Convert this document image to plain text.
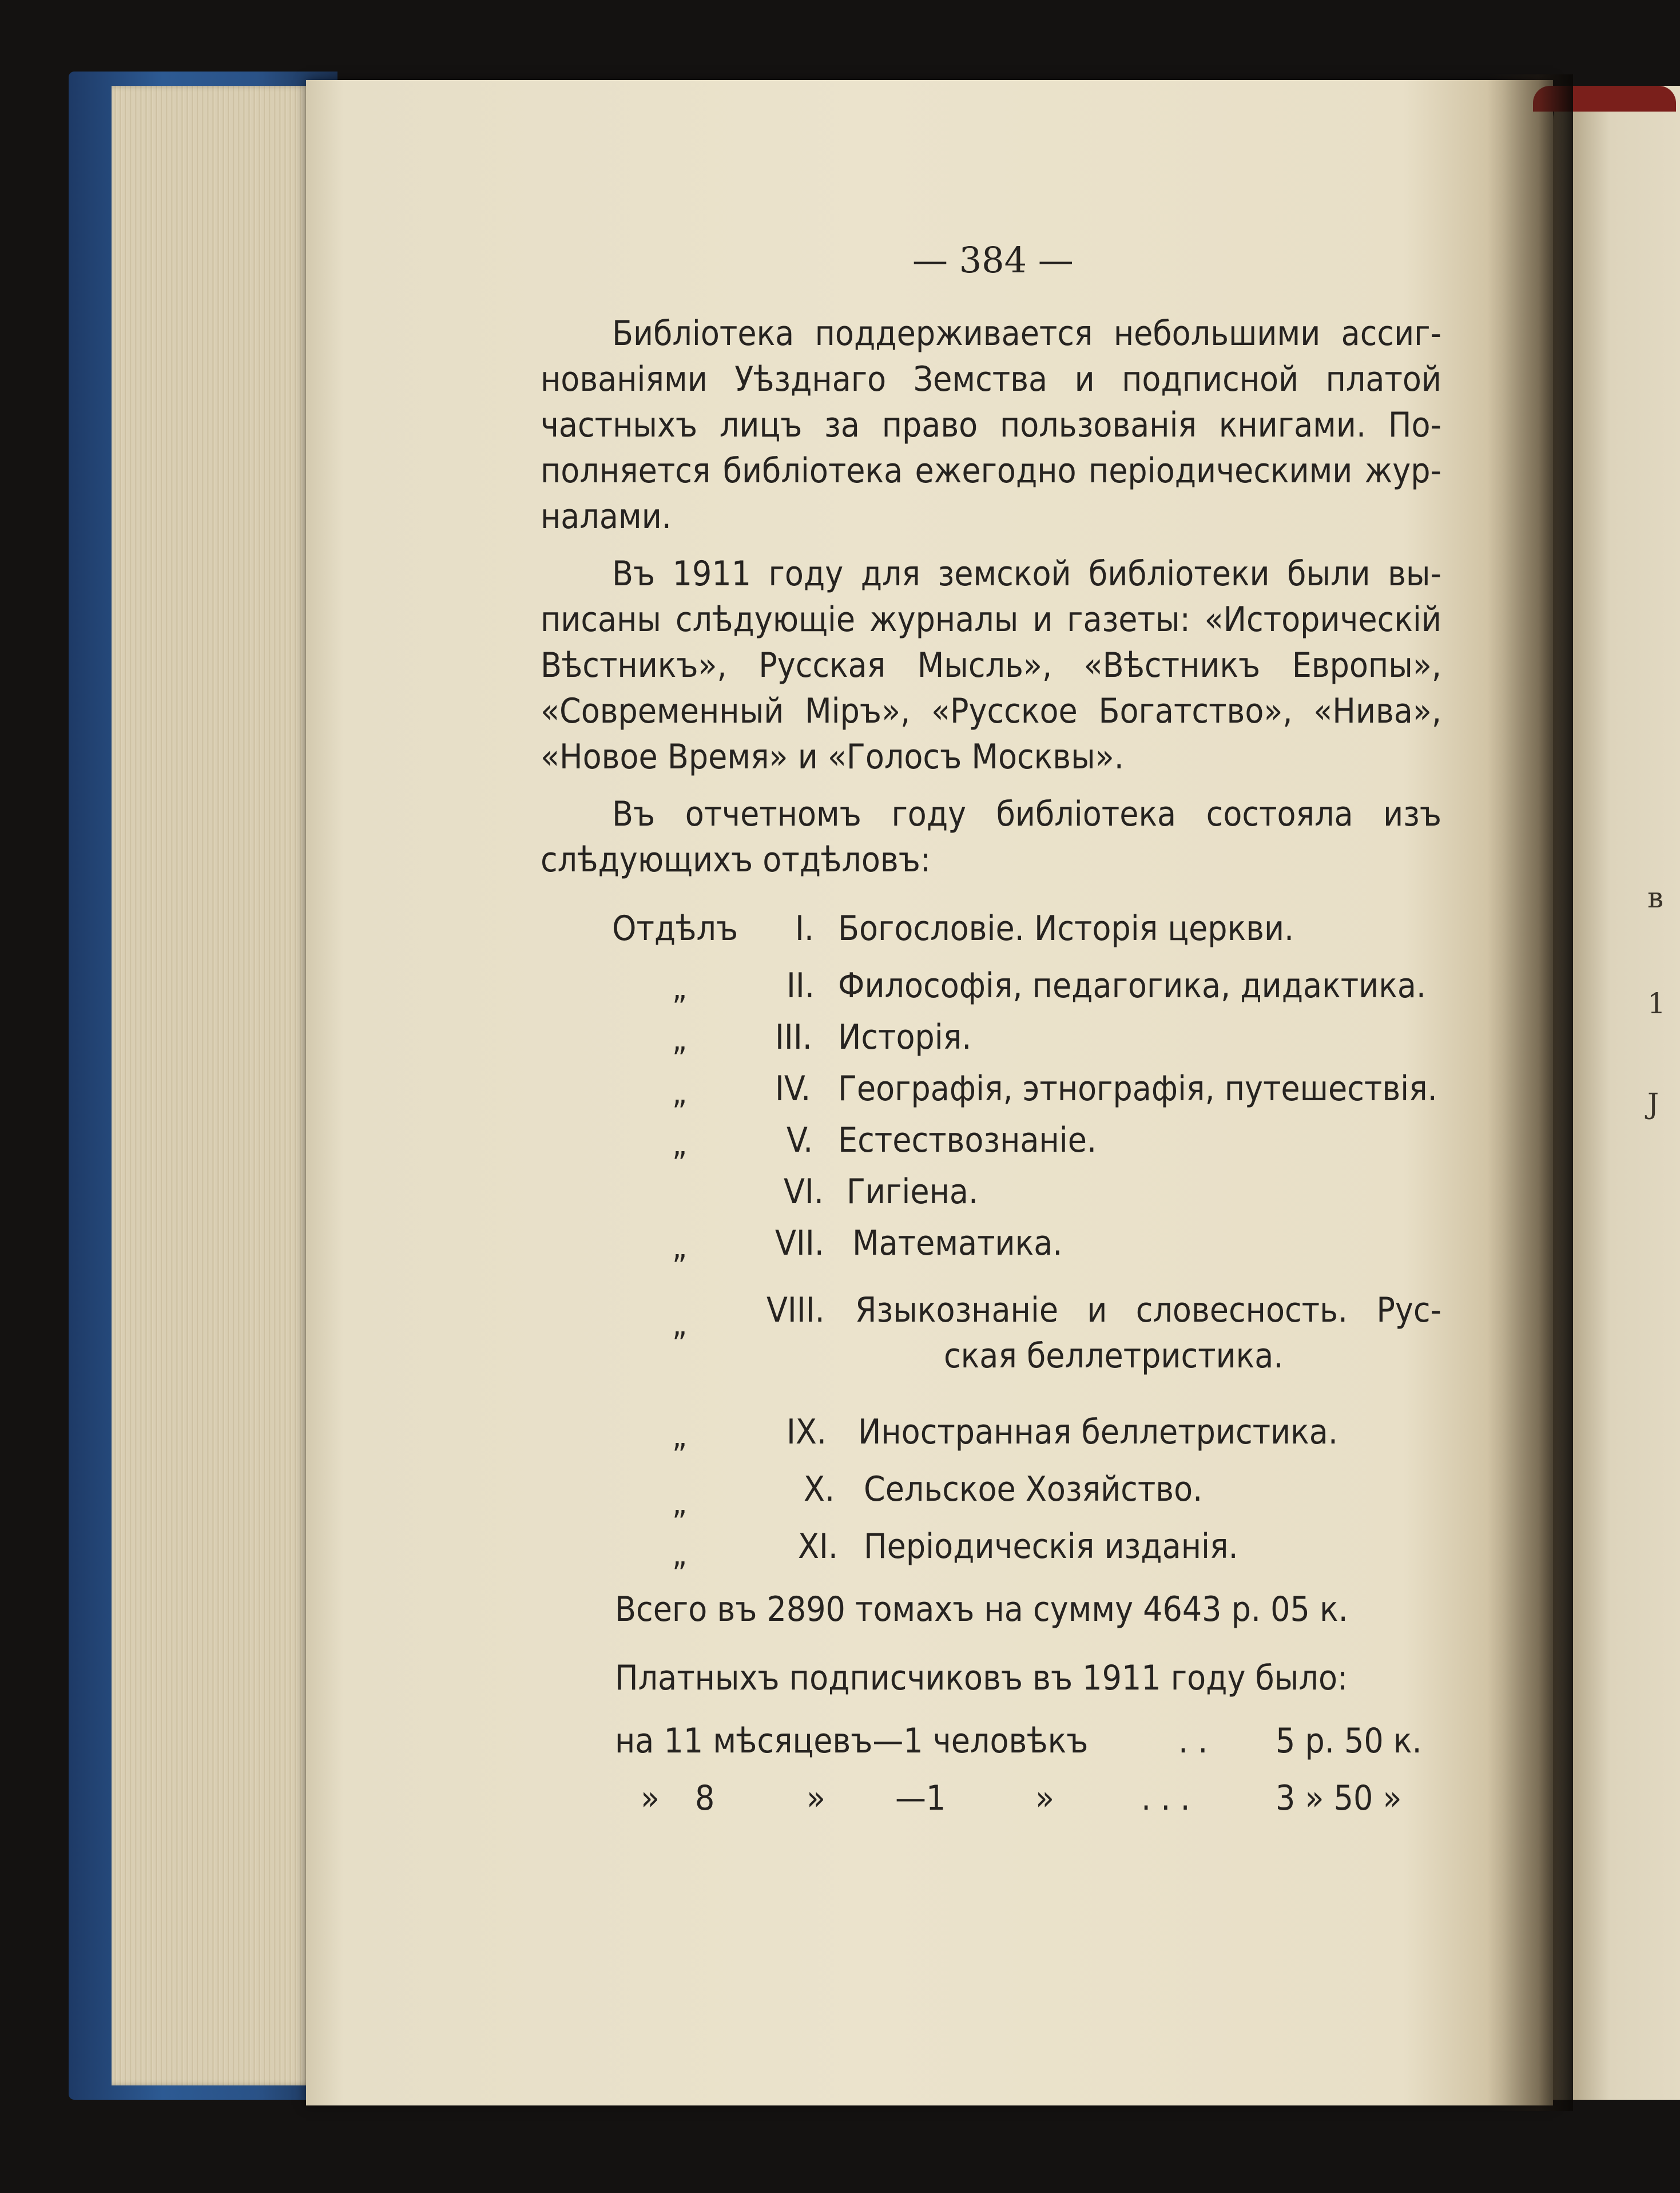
в
1
J
— 384 —
Библіотека поддерживается небольшими ассиг-
нованіями Уѣзднаго Земства и подписной платой
частныхъ лицъ за право пользованія книгами. По-
полняется библіотека ежегодно періодическими жур-
налами.
Въ 1911 году для земской библіотеки были вы-
писаны слѣдующіе журналы и газеты: «Историческій
Вѣстникъ», Русская Мысль», «Вѣстникъ Европы»,
«Современный Міръ», «Русское Богатство», «Нива»,
«Новое Время» и «Голосъ Москвы».
Въ отчетномъ году библіотека состояла изъ
слѣдующихъ отдѣловъ:
Отдѣлъ I. Богословіе. Исторія церкви.
„	II. Философія, педагогика, дидактика.
„	III. Исторія.
„	IV. Географія, этнографія, путешествія.
„	V. Естествознаніе.
VI. Гигіена.
„	VII. Математика.
„ VIII. Языкознаніе и словесность. Рус-
ская беллетристика.
„	IX. Иностранная беллетристика.
„	X. Сельское Хозяйство.
„	XI. Періодическія изданія.
Всего въ 2890 томахъ на сумму 4643 р. 05 к.
Платныхъ подписчиковъ въ 1911 году было:
на 11 мѣсяцевъ—1 человѣкъ	. . 5 р. 50 к.
» 8	» —1	»	. . . 3 » 50 »
